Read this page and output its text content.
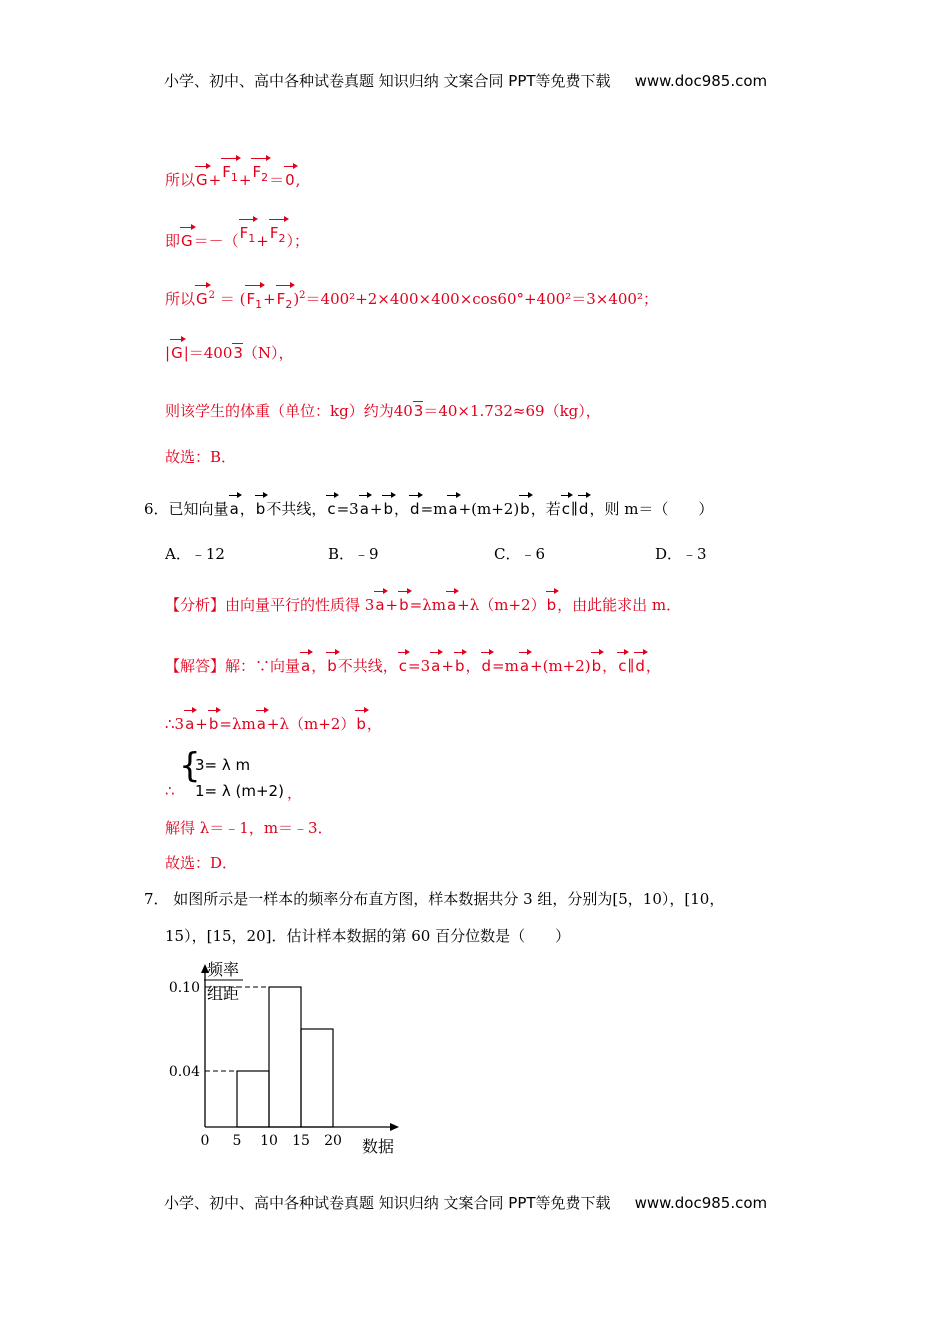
小学、初中、高中各种试卷真题 知识归纳 文案合同 PPT等免费下载 www.doc985.com
所以$G+F_1+F_2=0$,
即$G=-(F_1+F_2)$；
所以$G^2 = (F_1+F_2)^2=400^2+2\times 400\times 400\times\cos 60^\circ+400^2=3\times 400^2$；
|G|＝4003（N），
则该学生的体重（单位：kg）约为403＝40×1.732≈69（kg），
故选：B．
6．已知向量a，b不共线，c=3a+b，d=ma+(m+2)b，若c∥d，则 m＝（　　）
A．﹣12	B．﹣9	C．﹣6	D．﹣3
【分析】由向量平行的性质得 3a+b=λma+λ（m+2）b，由此能求出 m．
【解答】解：∵向量a，b不共线，c=3a+b，d=ma+(m+2)b，c∥d，
∴3a+b=λma+λ（m+2）b，
∴
{
3= λ m
1= λ (m+2) ，
解得 λ＝﹣1，m＝﹣3．
故选：D．
7． 如图所示是一样本的频率分布直方图，样本数据共分 3 组，分别为[5，10），[10，
15），[15，20]．估计样本数据的第 60 百分位数是（　　）
0.04
0.10
0 5 10 15 20 数据
频率
组距
小学、初中、高中各种试卷真题 知识归纳 文案合同 PPT等免费下载 www.doc985.com
